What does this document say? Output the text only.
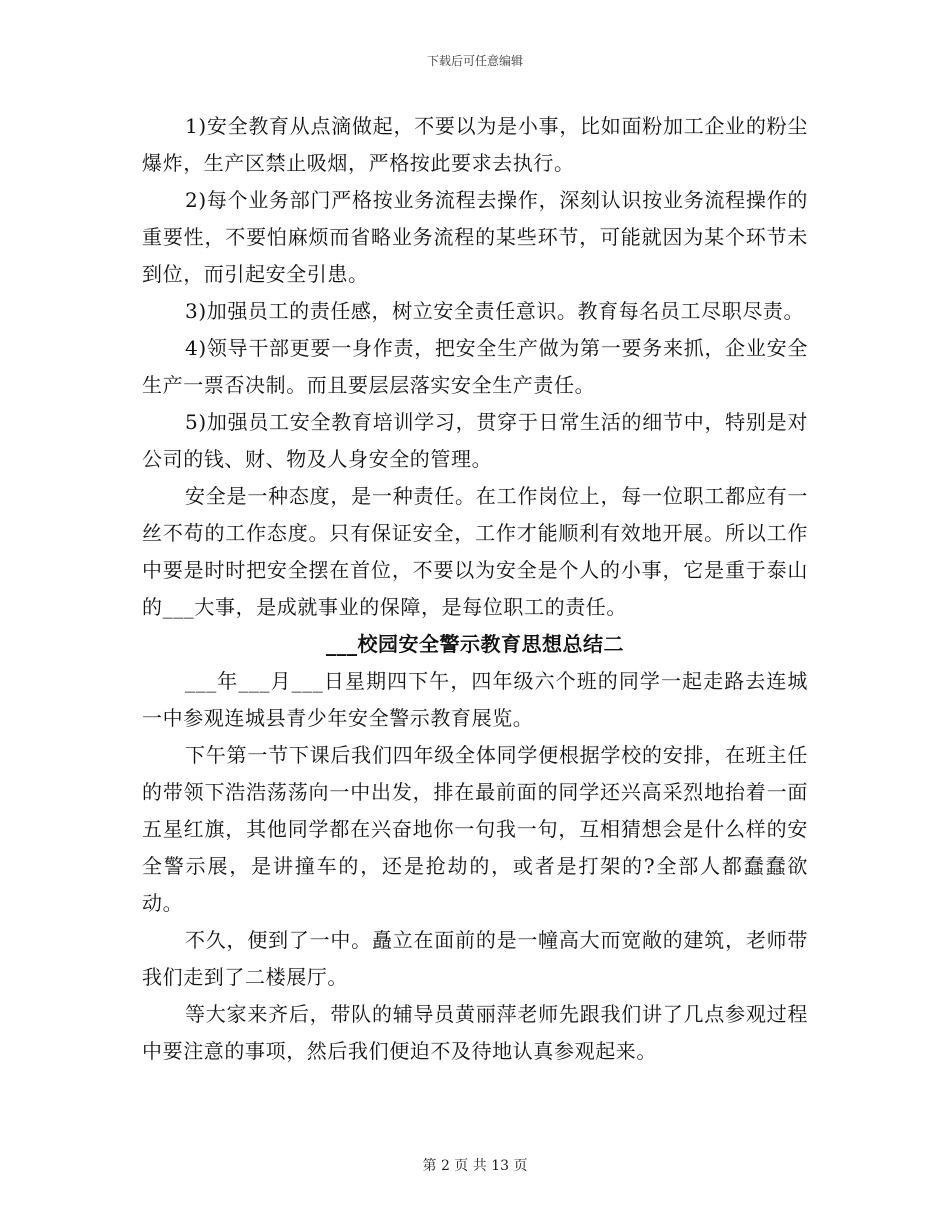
下载后可任意编辑

1)安全教育从点滴做起，不要以为是小事，比如面粉加工企业的粉尘爆炸，生产区禁止吸烟，严格按此要求去执行。

2)每个业务部门严格按业务流程去操作，深刻认识按业务流程操作的重要性，不要怕麻烦而省略业务流程的某些环节，可能就因为某个环节未到位，而引起安全引患。

3)加强员工的责任感，树立安全责任意识。教育每名员工尽职尽责。

4)领导干部更要一身作责，把安全生产做为第一要务来抓，企业安全生产一票否决制。而且要层层落实安全生产责任。

5)加强员工安全教育培训学习，贯穿于日常生活的细节中，特别是对公司的钱、财、物及人身安全的管理。

安全是一种态度，是一种责任。在工作岗位上，每一位职工都应有一丝不苟的工作态度。只有保证安全，工作才能顺利有效地开展。所以工作中要是时时把安全摆在首位，不要以为安全是个人的小事，它是重于泰山的___大事，是成就事业的保障，是每位职工的责任。

___校园安全警示教育思想总结二

___年___月___日星期四下午，四年级六个班的同学一起走路去连城一中参观连城县青少年安全警示教育展览。

下午第一节下课后我们四年级全体同学便根据学校的安排，在班主任的带领下浩浩荡荡向一中出发，排在最前面的同学还兴高采烈地抬着一面五星红旗，其他同学都在兴奋地你一句我一句，互相猜想会是什么样的安全警示展，是讲撞车的，还是抢劫的，或者是打架的?全部人都蠢蠢欲动。

不久，便到了一中。矗立在面前的是一幢高大而宽敞的建筑，老师带我们走到了二楼展厅。

等大家来齐后，带队的辅导员黄丽萍老师先跟我们讲了几点参观过程中要注意的事项，然后我们便迫不及待地认真参观起来。

第 2 页 共 13 页
